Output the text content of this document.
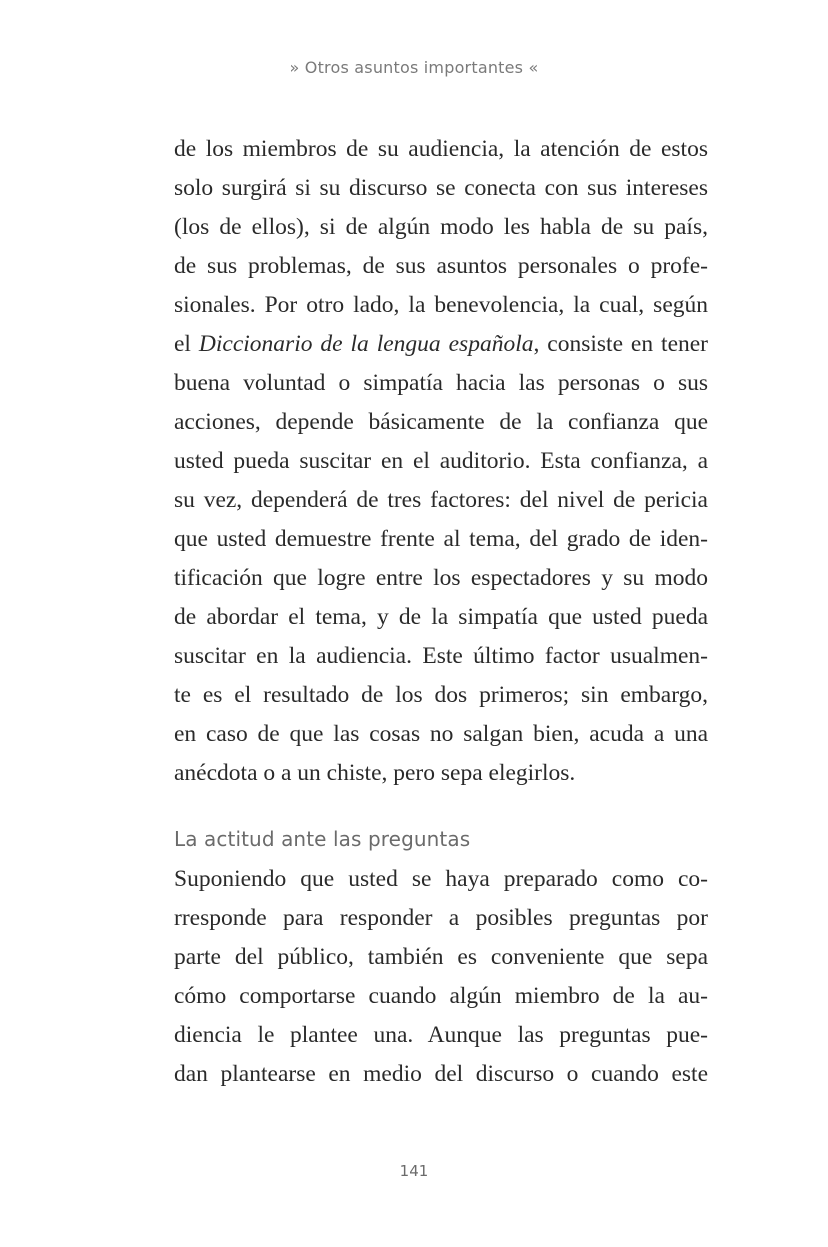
» Otros asuntos importantes «
de los miembros de su audiencia, la atención de estos
solo surgirá si su discurso se conecta con sus intereses
(los de ellos), si de algún modo les habla de su país,
de sus problemas, de sus asuntos personales o profe-
sionales. Por otro lado, la benevolencia, la cual, según
el Diccionario de la lengua española, consiste en tener
buena voluntad o simpatía hacia las personas o sus
acciones, depende básicamente de la confianza que
usted pueda suscitar en el auditorio. Esta confianza, a
su vez, dependerá de tres factores: del nivel de pericia
que usted demuestre frente al tema, del grado de iden-
tificación que logre entre los espectadores y su modo
de abordar el tema, y de la simpatía que usted pueda
suscitar en la audiencia. Este último factor usualmen-
te es el resultado de los dos primeros; sin embargo,
en caso de que las cosas no salgan bien, acuda a una
anécdota o a un chiste, pero sepa elegirlos.
La actitud ante las preguntas
Suponiendo que usted se haya preparado como co-
rresponde para responder a posibles preguntas por
parte del público, también es conveniente que sepa
cómo comportarse cuando algún miembro de la au-
diencia le plantee una. Aunque las preguntas pue-
dan plantearse en medio del discurso o cuando este
141
